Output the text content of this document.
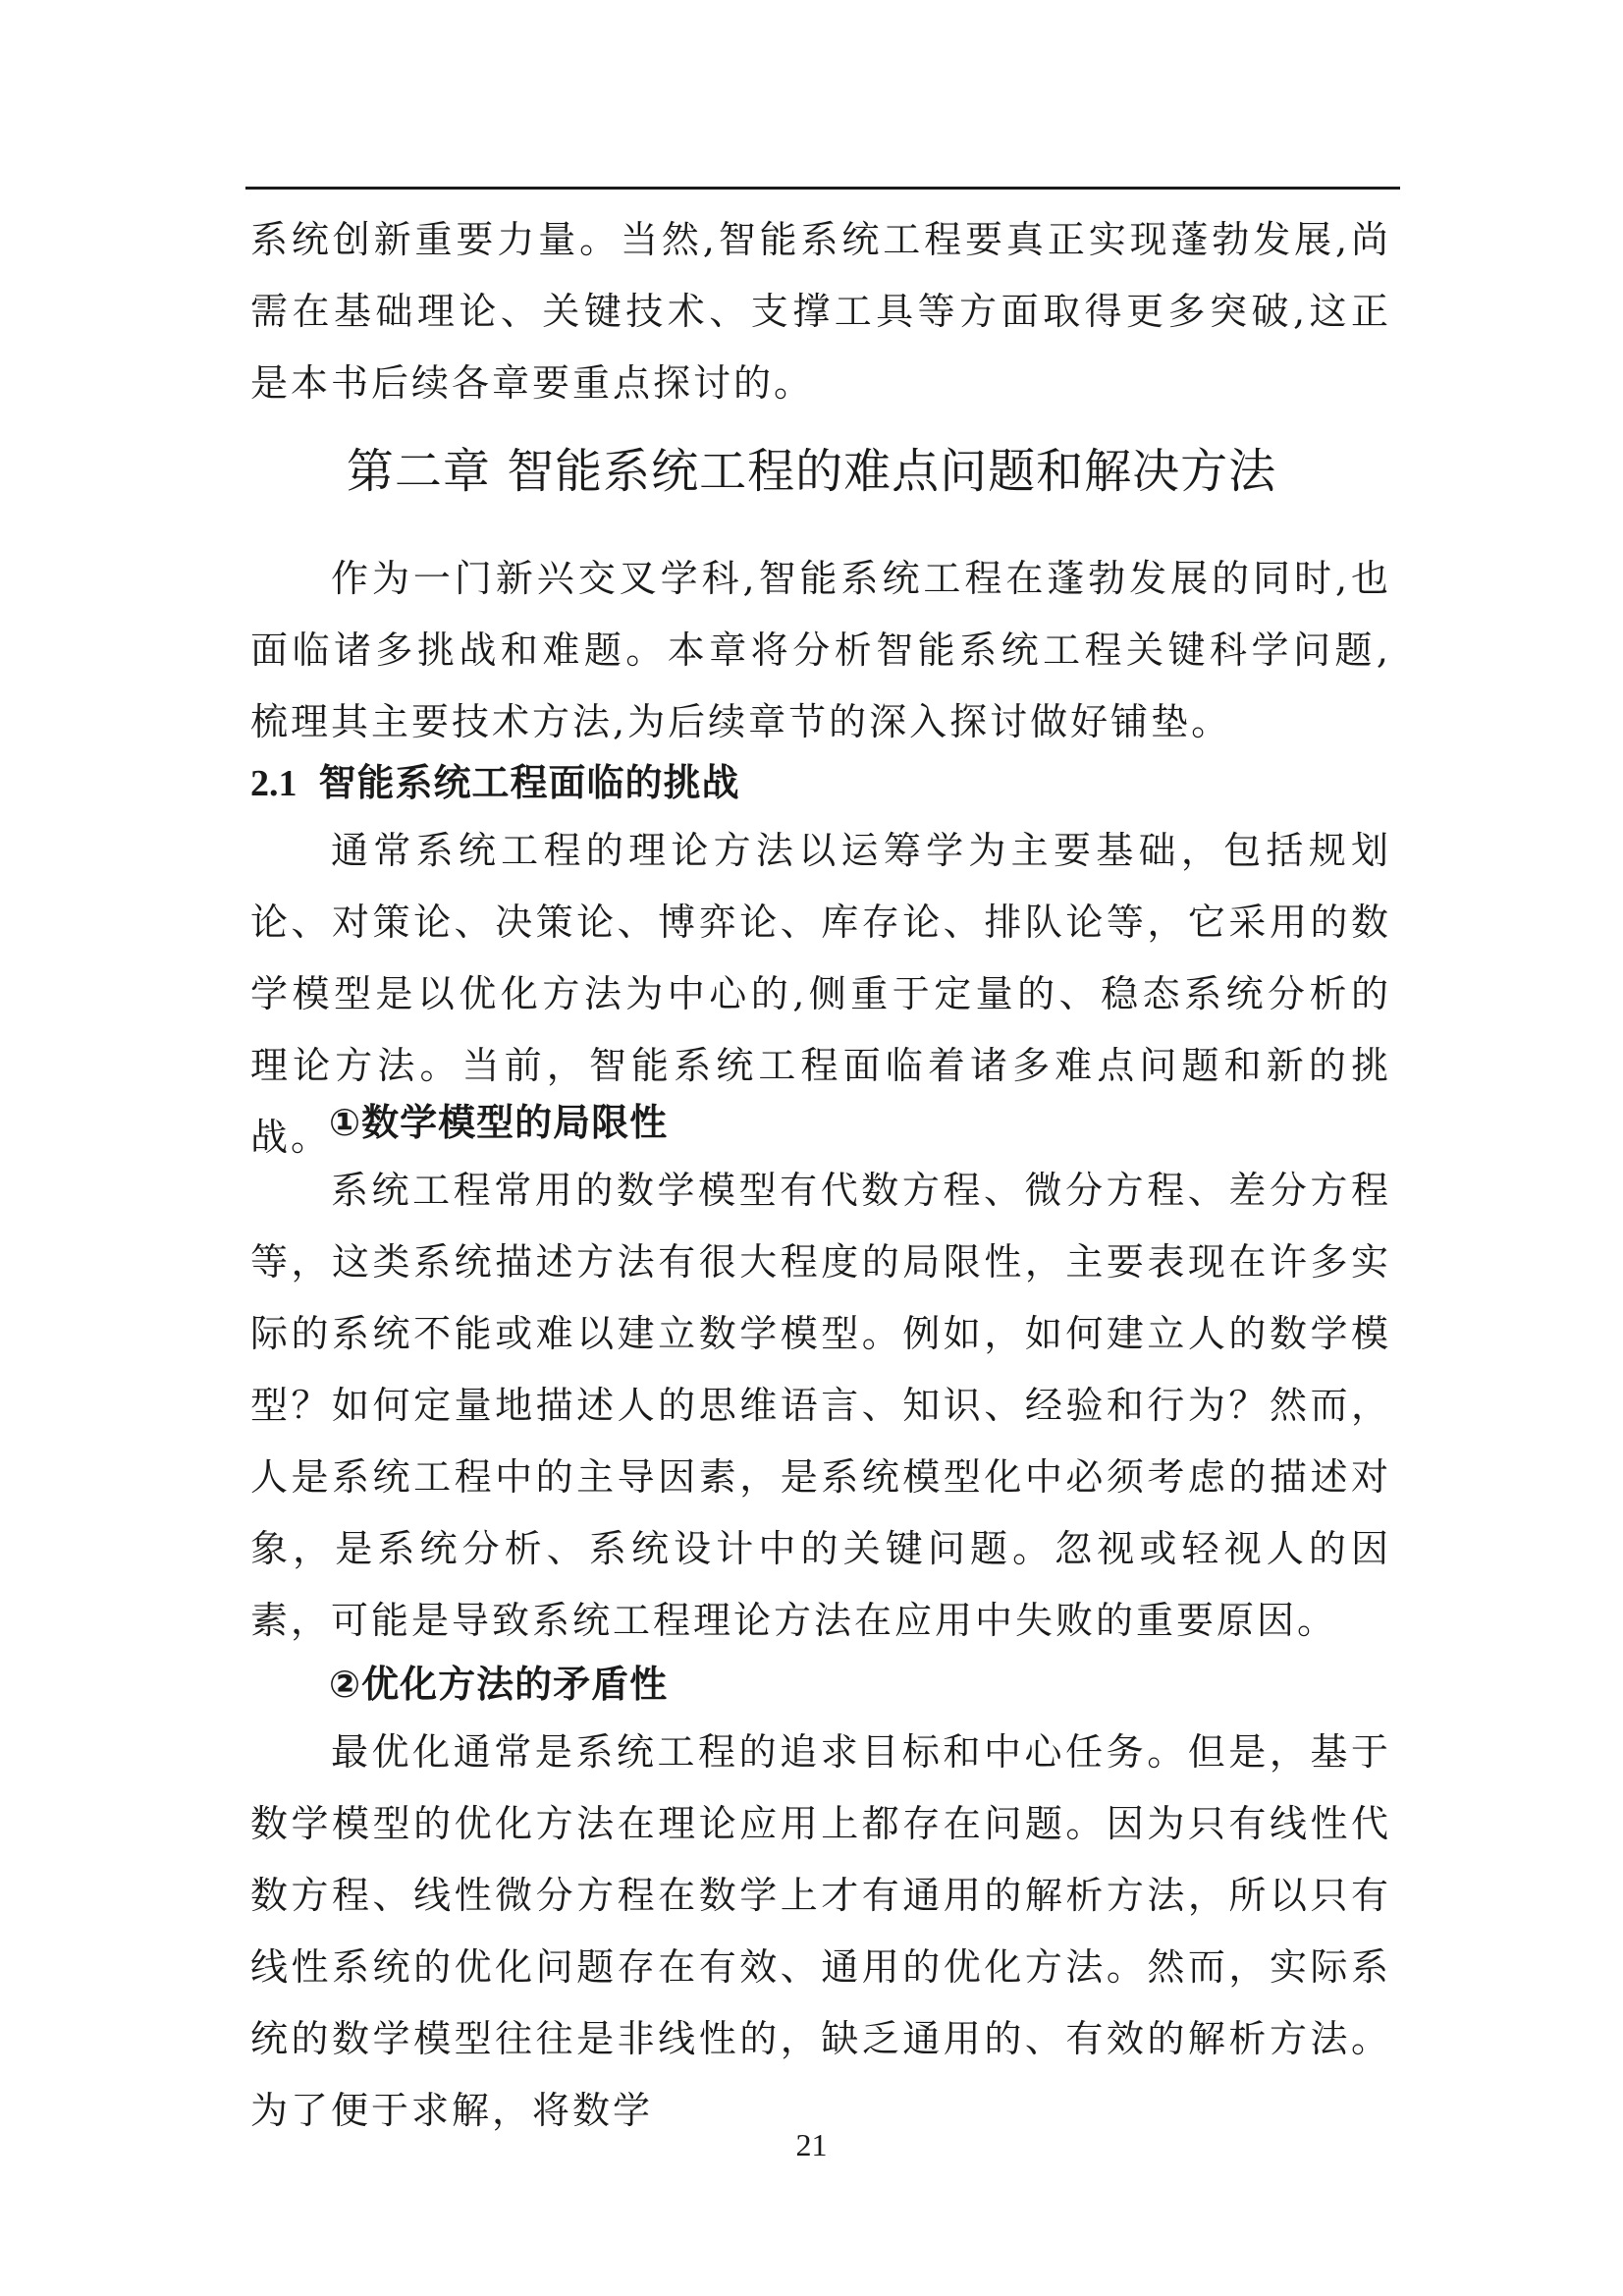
系统创新重要力量。当然,智能系统工程要真正实现蓬勃发展,尚需在基础理论、关键技术、支撑工具等方面取得更多突破,这正是本书后续各章要重点探讨的。

第二章 智能系统工程的难点问题和解决方法

作为一门新兴交叉学科,智能系统工程在蓬勃发展的同时,也面临诸多挑战和难题。本章将分析智能系统工程关键科学问题,梳理其主要技术方法,为后续章节的深入探讨做好铺垫。

2.1 智能系统工程面临的挑战

通常系统工程的理论方法以运筹学为主要基础，包括规划论、对策论、决策论、博弈论、库存论、排队论等，它采用的数学模型是以优化方法为中心的,侧重于定量的、稳态系统分析的理论方法。当前，智能系统工程面临着诸多难点问题和新的挑战。

①数学模型的局限性

系统工程常用的数学模型有代数方程、微分方程、差分方程等，这类系统描述方法有很大程度的局限性，主要表现在许多实际的系统不能或难以建立数学模型。例如，如何建立人的数学模型？如何定量地描述人的思维语言、知识、经验和行为？然而，人是系统工程中的主导因素，是系统模型化中必须考虑的描述对象，是系统分析、系统设计中的关键问题。忽视或轻视人的因素，可能是导致系统工程理论方法在应用中失败的重要原因。

②优化方法的矛盾性

最优化通常是系统工程的追求目标和中心任务。但是，基于数学模型的优化方法在理论应用上都存在问题。因为只有线性代数方程、线性微分方程在数学上才有通用的解析方法，所以只有线性系统的优化问题存在有效、通用的优化方法。然而，实际系统的数学模型往往是非线性的，缺乏通用的、有效的解析方法。为了便于求解，将数学

21
